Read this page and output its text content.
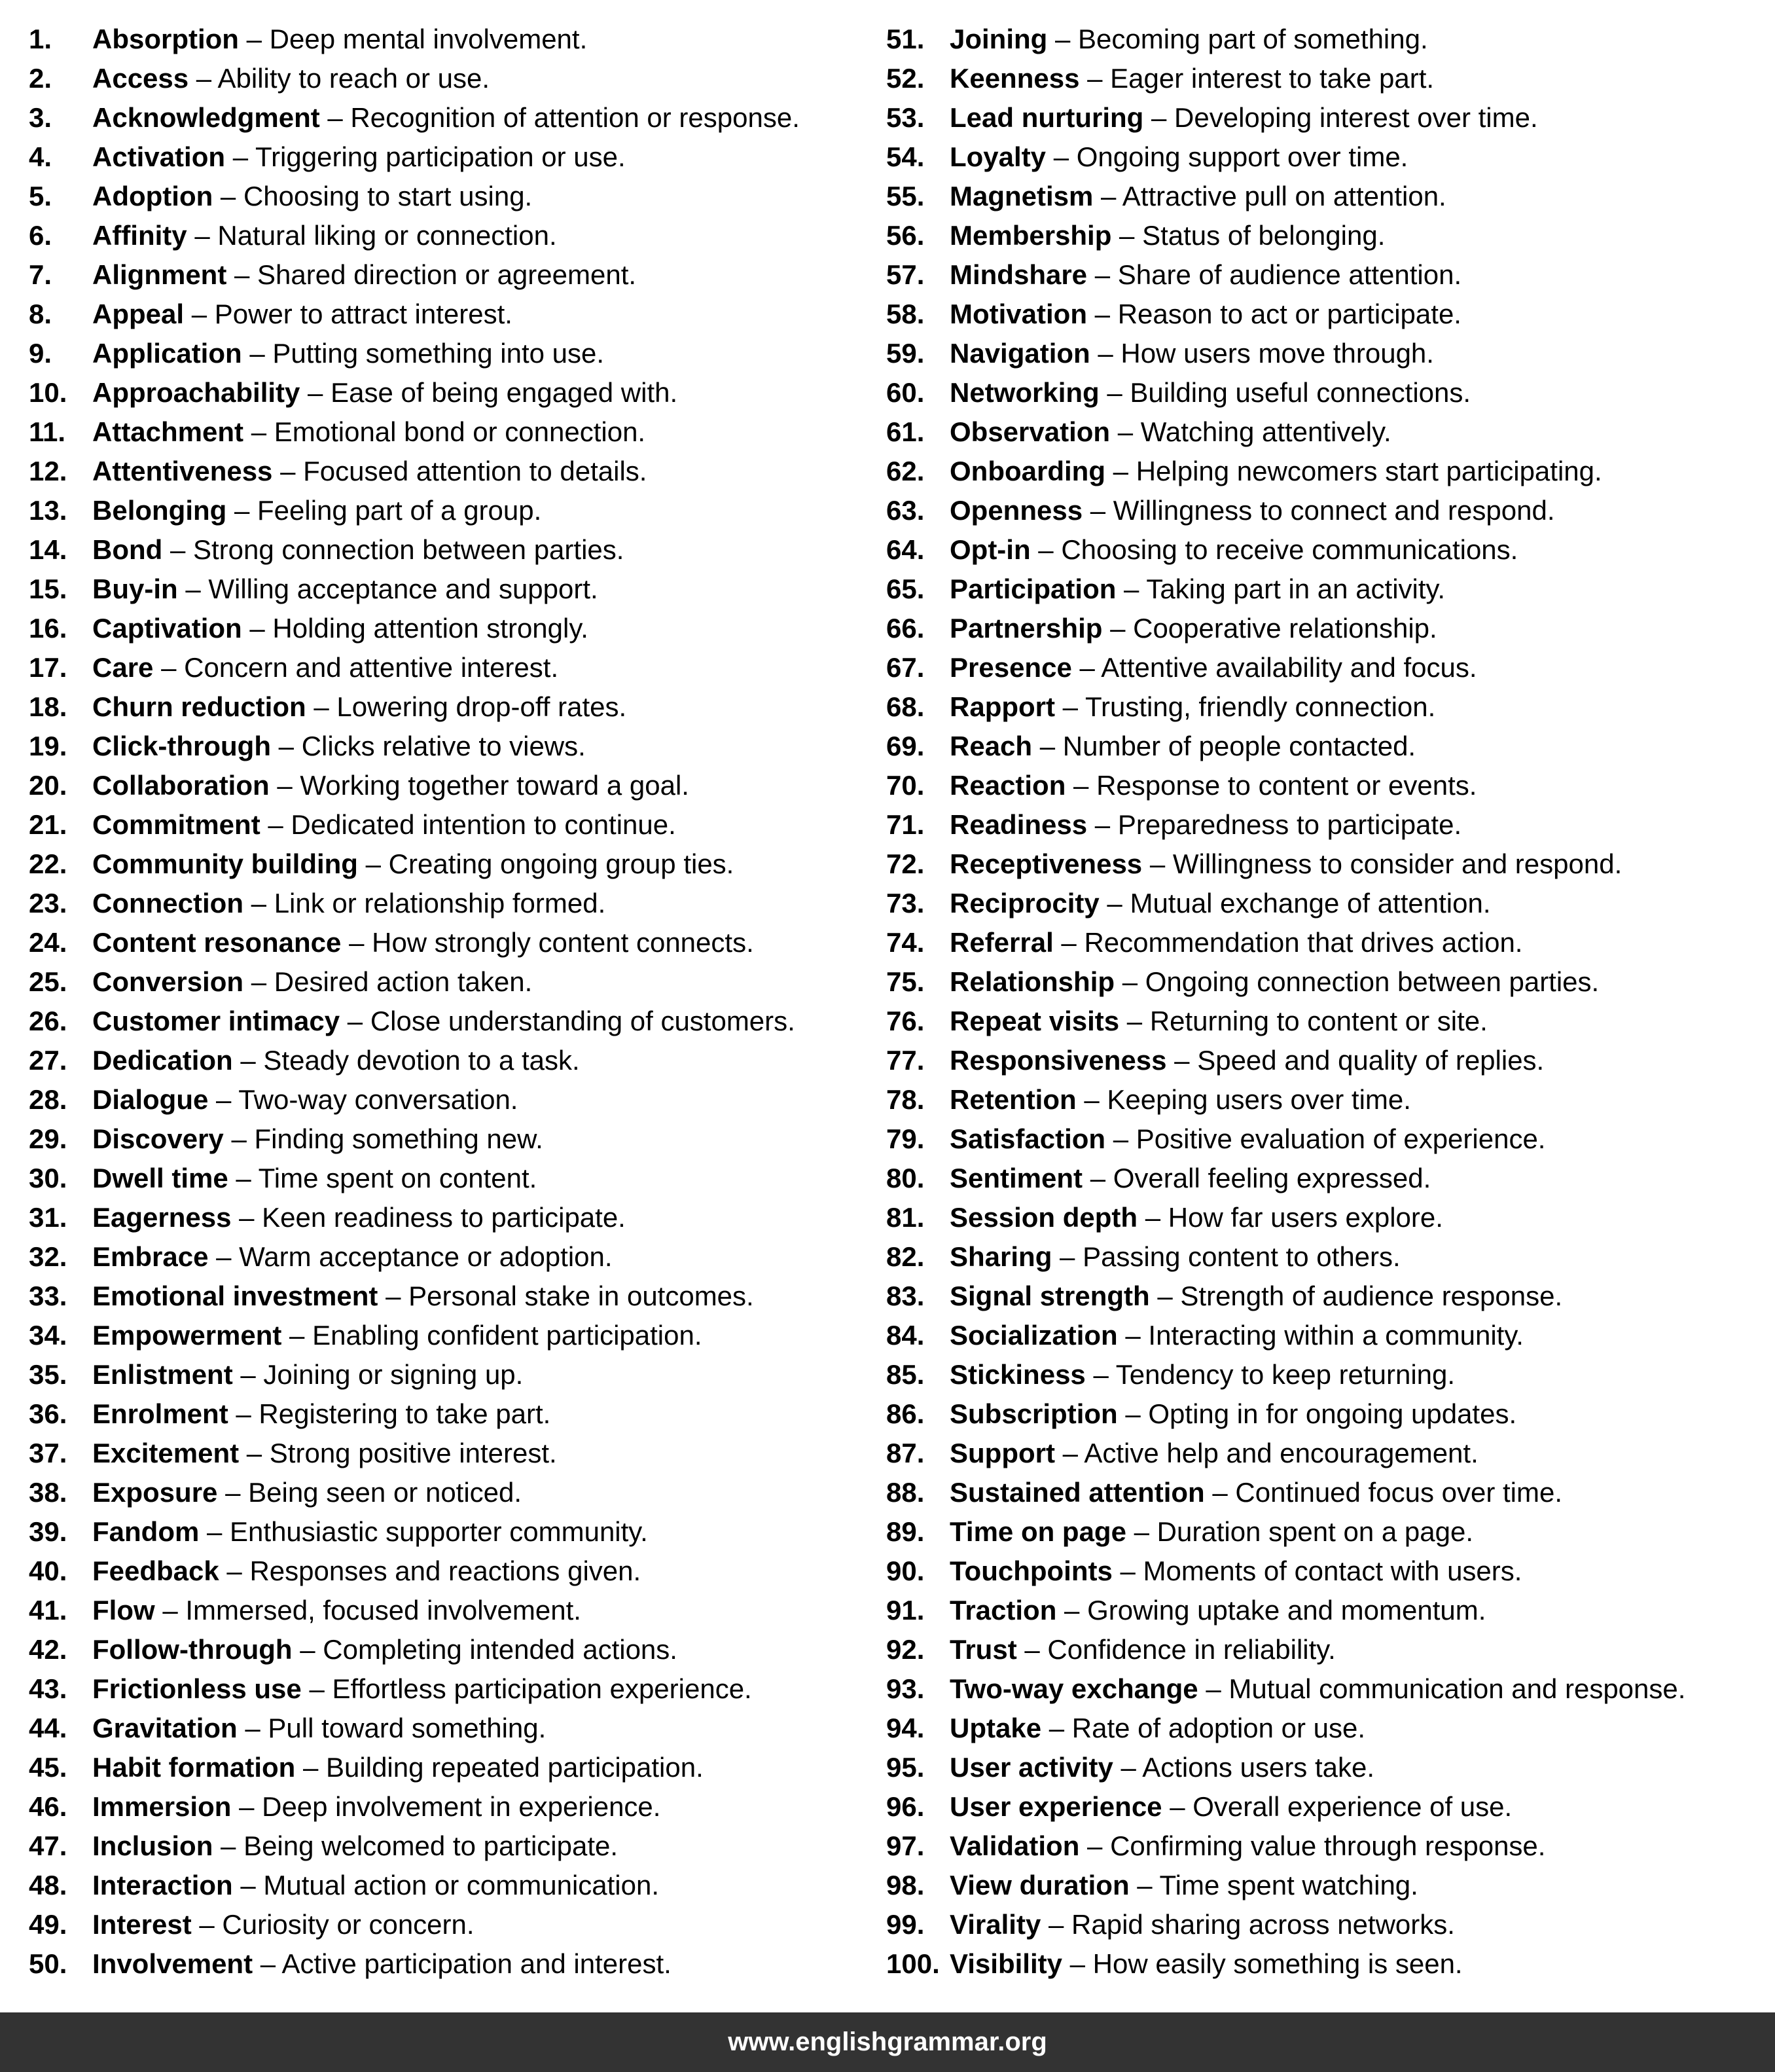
1. Absorption – Deep mental involvement.
2. Access – Ability to reach or use.
3. Acknowledgment – Recognition of attention or response.
4. Activation – Triggering participation or use.
5. Adoption – Choosing to start using.
6. Affinity – Natural liking or connection.
7. Alignment – Shared direction or agreement.
8. Appeal – Power to attract interest.
9. Application – Putting something into use.
10. Approachability – Ease of being engaged with.
11. Attachment – Emotional bond or connection.
12. Attentiveness – Focused attention to details.
13. Belonging – Feeling part of a group.
14. Bond – Strong connection between parties.
15. Buy-in – Willing acceptance and support.
16. Captivation – Holding attention strongly.
17. Care – Concern and attentive interest.
18. Churn reduction – Lowering drop-off rates.
19. Click-through – Clicks relative to views.
20. Collaboration – Working together toward a goal.
21. Commitment – Dedicated intention to continue.
22. Community building – Creating ongoing group ties.
23. Connection – Link or relationship formed.
24. Content resonance – How strongly content connects.
25. Conversion – Desired action taken.
26. Customer intimacy – Close understanding of customers.
27. Dedication – Steady devotion to a task.
28. Dialogue – Two-way conversation.
29. Discovery – Finding something new.
30. Dwell time – Time spent on content.
31. Eagerness – Keen readiness to participate.
32. Embrace – Warm acceptance or adoption.
33. Emotional investment – Personal stake in outcomes.
34. Empowerment – Enabling confident participation.
35. Enlistment – Joining or signing up.
36. Enrolment – Registering to take part.
37. Excitement – Strong positive interest.
38. Exposure – Being seen or noticed.
39. Fandom – Enthusiastic supporter community.
40. Feedback – Responses and reactions given.
41. Flow – Immersed, focused involvement.
42. Follow-through – Completing intended actions.
43. Frictionless use – Effortless participation experience.
44. Gravitation – Pull toward something.
45. Habit formation – Building repeated participation.
46. Immersion – Deep involvement in experience.
47. Inclusion – Being welcomed to participate.
48. Interaction – Mutual action or communication.
49. Interest – Curiosity or concern.
50. Involvement – Active participation and interest.
51. Joining – Becoming part of something.
52. Keenness – Eager interest to take part.
53. Lead nurturing – Developing interest over time.
54. Loyalty – Ongoing support over time.
55. Magnetism – Attractive pull on attention.
56. Membership – Status of belonging.
57. Mindshare – Share of audience attention.
58. Motivation – Reason to act or participate.
59. Navigation – How users move through.
60. Networking – Building useful connections.
61. Observation – Watching attentively.
62. Onboarding – Helping newcomers start participating.
63. Openness – Willingness to connect and respond.
64. Opt-in – Choosing to receive communications.
65. Participation – Taking part in an activity.
66. Partnership – Cooperative relationship.
67. Presence – Attentive availability and focus.
68. Rapport – Trusting, friendly connection.
69. Reach – Number of people contacted.
70. Reaction – Response to content or events.
71. Readiness – Preparedness to participate.
72. Receptiveness – Willingness to consider and respond.
73. Reciprocity – Mutual exchange of attention.
74. Referral – Recommendation that drives action.
75. Relationship – Ongoing connection between parties.
76. Repeat visits – Returning to content or site.
77. Responsiveness – Speed and quality of replies.
78. Retention – Keeping users over time.
79. Satisfaction – Positive evaluation of experience.
80. Sentiment – Overall feeling expressed.
81. Session depth – How far users explore.
82. Sharing – Passing content to others.
83. Signal strength – Strength of audience response.
84. Socialization – Interacting within a community.
85. Stickiness – Tendency to keep returning.
86. Subscription – Opting in for ongoing updates.
87. Support – Active help and encouragement.
88. Sustained attention – Continued focus over time.
89. Time on page – Duration spent on a page.
90. Touchpoints – Moments of contact with users.
91. Traction – Growing uptake and momentum.
92. Trust – Confidence in reliability.
93. Two-way exchange – Mutual communication and response.
94. Uptake – Rate of adoption or use.
95. User activity – Actions users take.
96. User experience – Overall experience of use.
97. Validation – Confirming value through response.
98. View duration – Time spent watching.
99. Virality – Rapid sharing across networks.
100. Visibility – How easily something is seen.
www.englishgrammar.org
